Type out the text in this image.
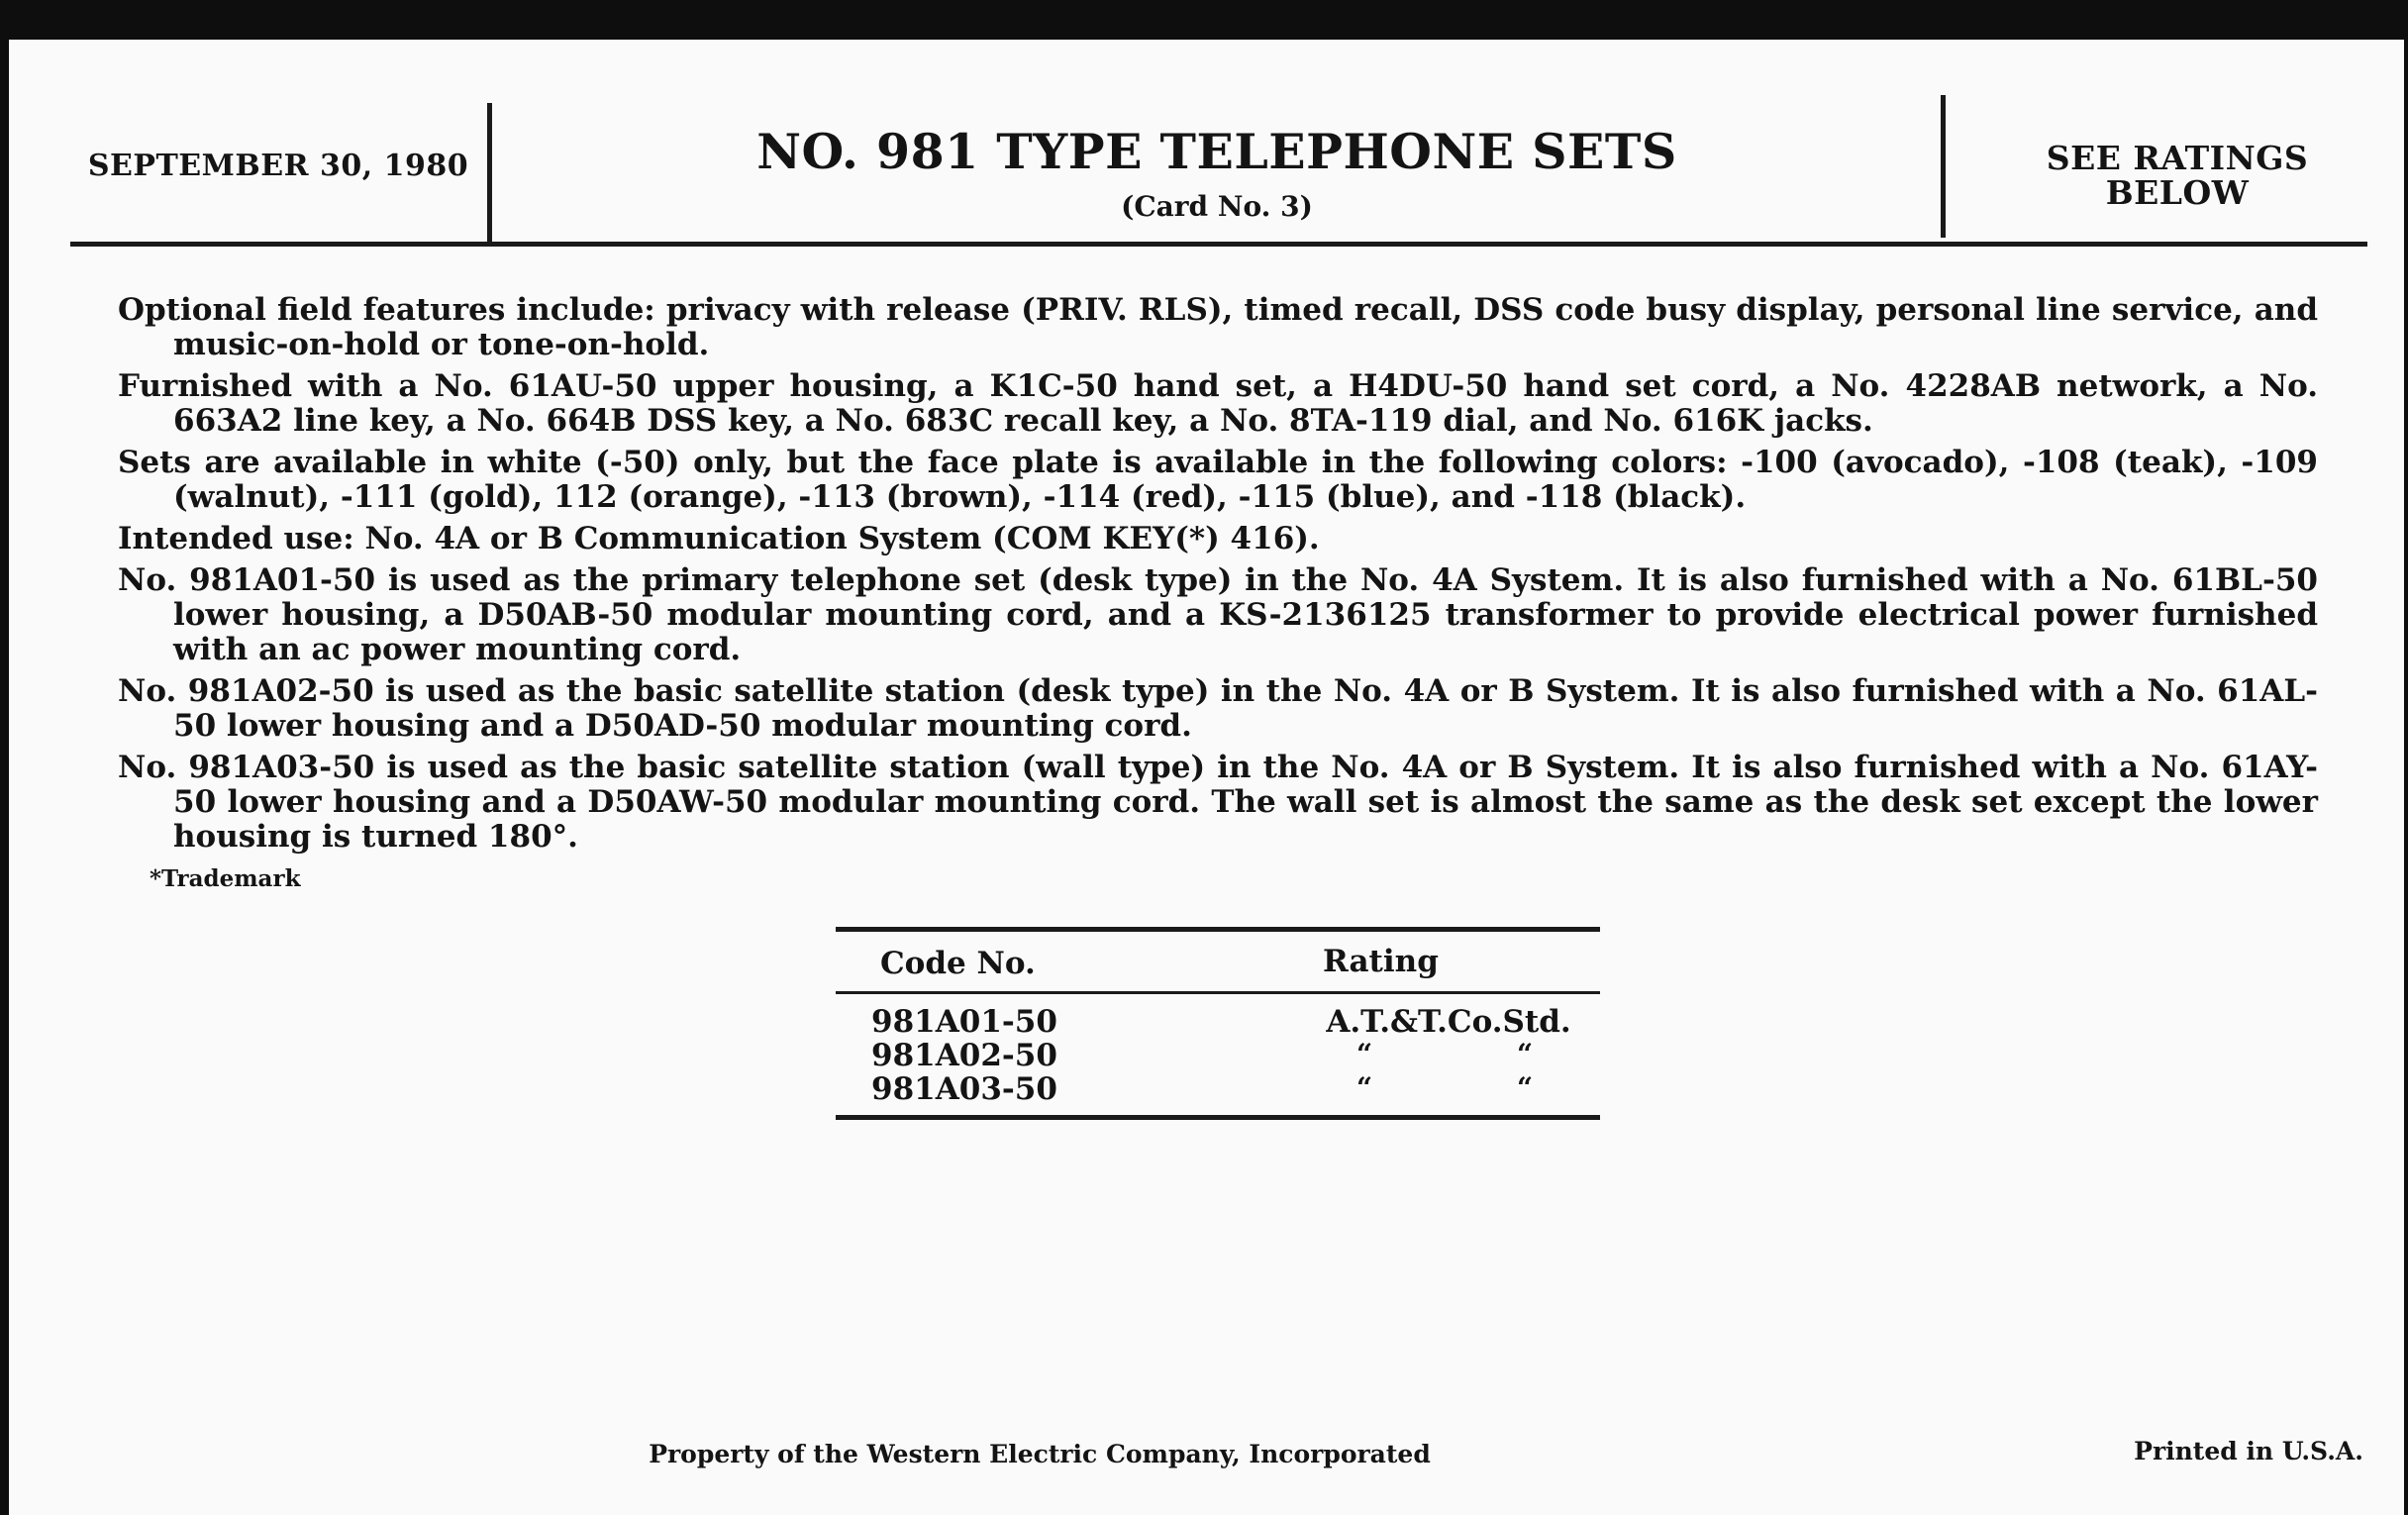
SEPTEMBER 30, 1980	NO. 981 TYPE TELEPHONE SETS
(Card No. 3)
SEE RATINGS
BELOW

Optional field features include: privacy with release (PRIV. RLS), timed recall, DSS code busy display, personal line service, and music-on-hold or tone-on-hold.

Furnished with a No. 61AU-50 upper housing, a K1C-50 hand set, a H4DU-50 hand set cord, a No. 4228AB network, a No. 663A2 line key, a No. 664B DSS key, a No. 683C recall key, a No. 8TA-119 dial, and No. 616K jacks.

Sets are available in white (-50) only, but the face plate is available in the following colors: -100 (avocado), -108 (teak), -109 (walnut), -111 (gold), 112 (orange), -113 (brown), -114 (red), -115 (blue), and -118 (black).

Intended use: No. 4A or B Communication System (COM KEY(*) 416).

No. 981A01-50 is used as the primary telephone set (desk type) in the No. 4A System. It is also furnished with a No. 61BL-50 lower housing, a D50AB-50 modular mounting cord, and a KS-2136125 transformer to provide electrical power furnished with an ac power mounting cord.

No. 981A02-50 is used as the basic satellite station (desk type) in the No. 4A or B System. It is also furnished with a No. 61AL-50 lower housing and a D50AD-50 modular mounting cord.

No. 981A03-50 is used as the basic satellite station (wall type) in the No. 4A or B System. It is also furnished with a No. 61AY-50 lower housing and a D50AW-50 modular mounting cord. The wall set is almost the same as the desk set except the lower housing is turned 180°.

*Trademark
Code No.	Rating
981A01-50	A.T.&T.Co.Std.
981A02-50	“	“
981A03-50	“	“
Property of the Western Electric Company, Incorporated	Printed in U.S.A.
